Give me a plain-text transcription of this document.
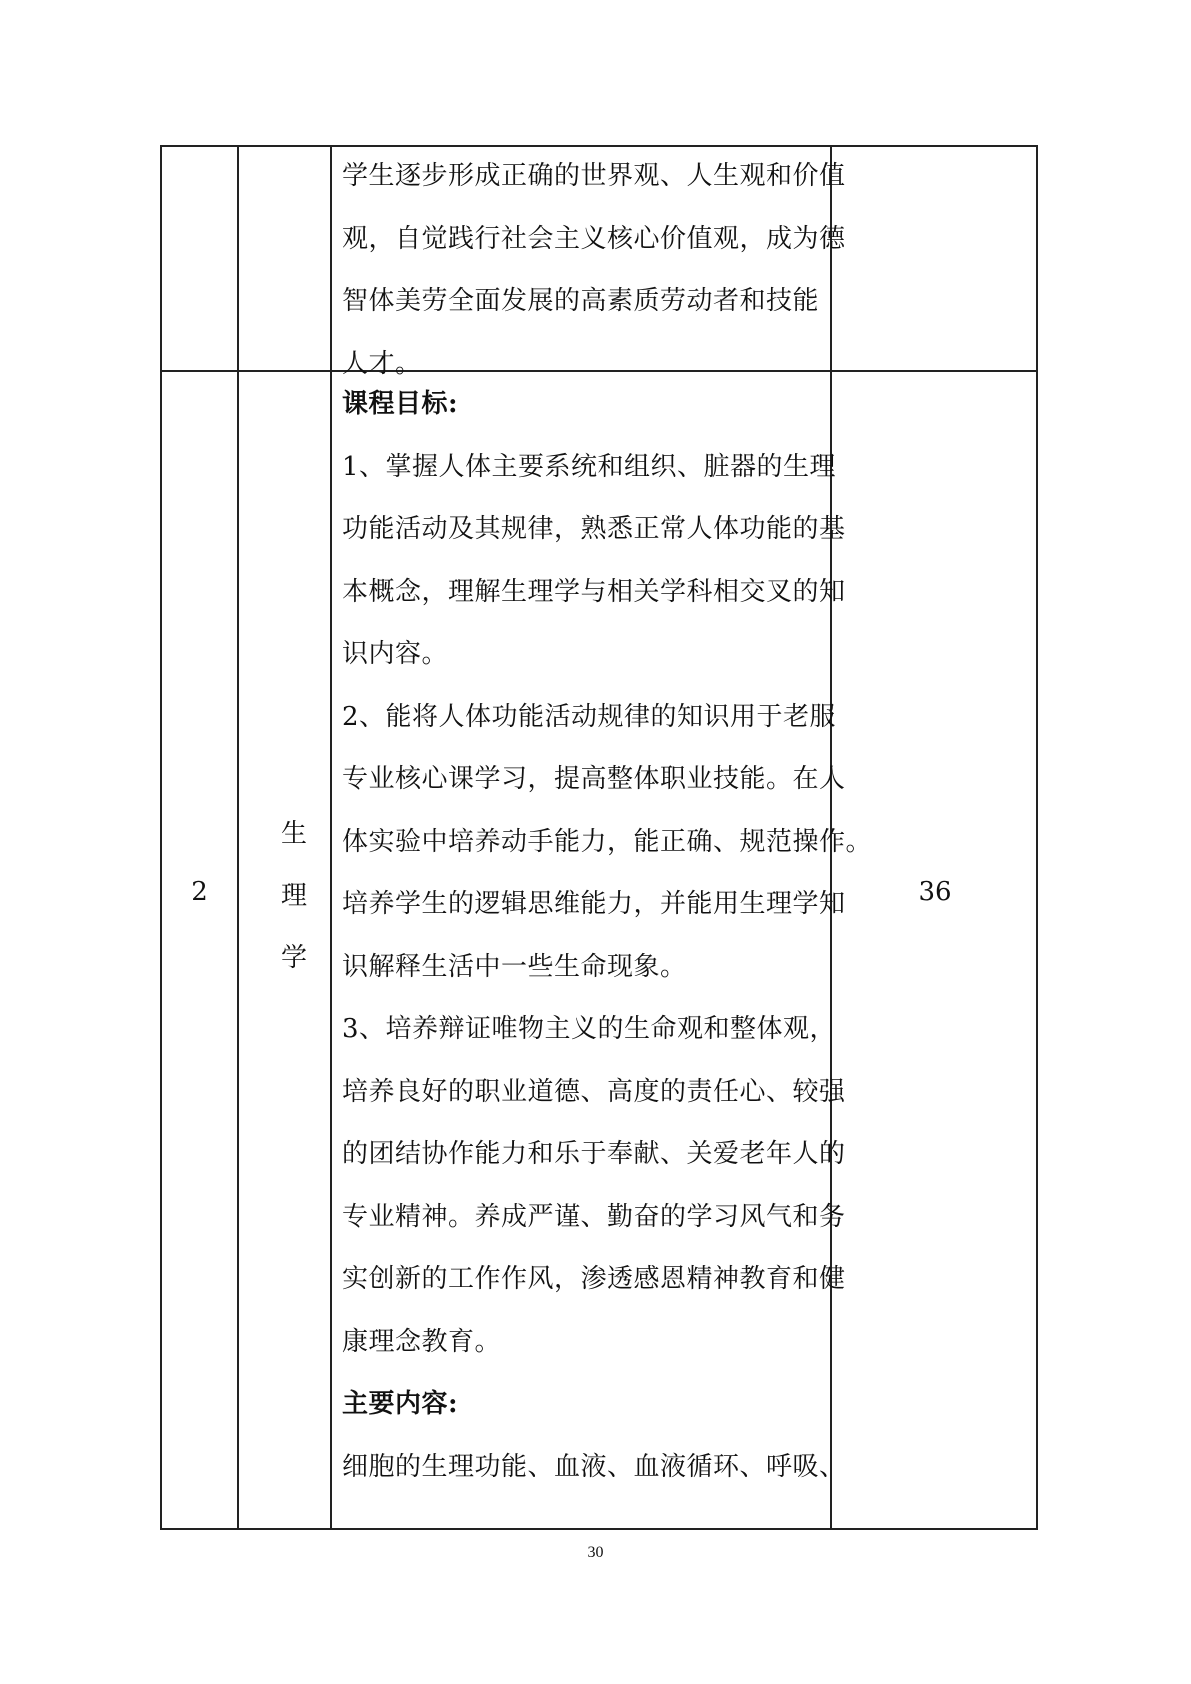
学生逐步形成正确的世界观、人生观和价值
观，自觉践行社会主义核心价值观，成为德
智体美劳全面发展的高素质劳动者和技能
人才。
2
生
理
学
36
课程目标:
1、掌握人体主要系统和组织、脏器的生理
功能活动及其规律，熟悉正常人体功能的基
本概念，理解生理学与相关学科相交叉的知
识内容。
2、能将人体功能活动规律的知识用于老服
专业核心课学习，提高整体职业技能。在人
体实验中培养动手能力，能正确、规范操作。
培养学生的逻辑思维能力，并能用生理学知
识解释生活中一些生命现象。
3、培养辩证唯物主义的生命观和整体观，
培养良好的职业道德、高度的责任心、较强
的团结协作能力和乐于奉献、关爱老年人的
专业精神。养成严谨、勤奋的学习风气和务
实创新的工作作风，渗透感恩精神教育和健
康理念教育。
主要内容:
细胞的生理功能、血液、血液循环、呼吸、
30
